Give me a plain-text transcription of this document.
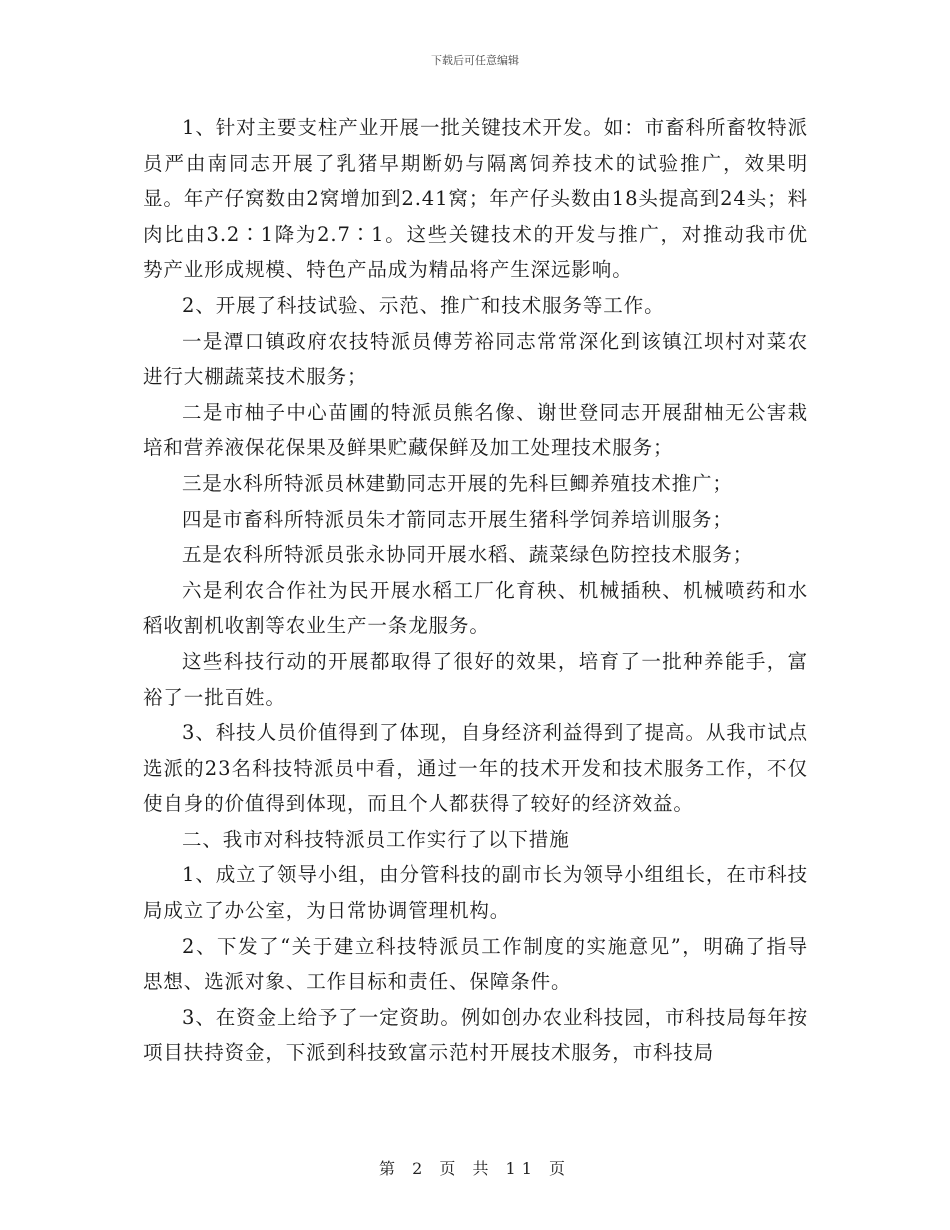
下载后可任意编辑

1、针对主要支柱产业开展一批关键技术开发。如：市畜科所畜牧特派员严由南同志开展了乳猪早期断奶与隔离饲养技术的试验推广，效果明显。年产仔窝数由2窝增加到2.41窝；年产仔头数由18头提高到24头；料肉比由3.2∶1降为2.7∶1。这些关键技术的开发与推广，对推动我市优势产业形成规模、特色产品成为精品将产生深远影响。

2、开展了科技试验、示范、推广和技术服务等工作。

一是潭口镇政府农技特派员傅芳裕同志常常深化到该镇江坝村对菜农进行大棚蔬菜技术服务；

二是市柚子中心苗圃的特派员熊名像、谢世登同志开展甜柚无公害栽培和营养液保花保果及鲜果贮藏保鲜及加工处理技术服务；

三是水科所特派员林建勤同志开展的先科巨鲫养殖技术推广；

四是市畜科所特派员朱才箭同志开展生猪科学饲养培训服务；

五是农科所特派员张永协同开展水稻、蔬菜绿色防控技术服务；

六是利农合作社为民开展水稻工厂化育秧、机械插秧、机械喷药和水稻收割机收割等农业生产一条龙服务。

这些科技行动的开展都取得了很好的效果，培育了一批种养能手，富裕了一批百姓。

3、科技人员价值得到了体现，自身经济利益得到了提高。从我市试点选派的23名科技特派员中看，通过一年的技术开发和技术服务工作，不仅使自身的价值得到体现，而且个人都获得了较好的经济效益。

二、我市对科技特派员工作实行了以下措施

1、成立了领导小组，由分管科技的副市长为领导小组组长，在市科技局成立了办公室，为日常协调管理机构。

2、下发了“关于建立科技特派员工作制度的实施意见”，明确了指导思想、选派对象、工作目标和责任、保障条件。

3、在资金上给予了一定资助。例如创办农业科技园，市科技局每年按项目扶持资金，下派到科技致富示范村开展技术服务，市科技局

第 2 页 共 11 页
